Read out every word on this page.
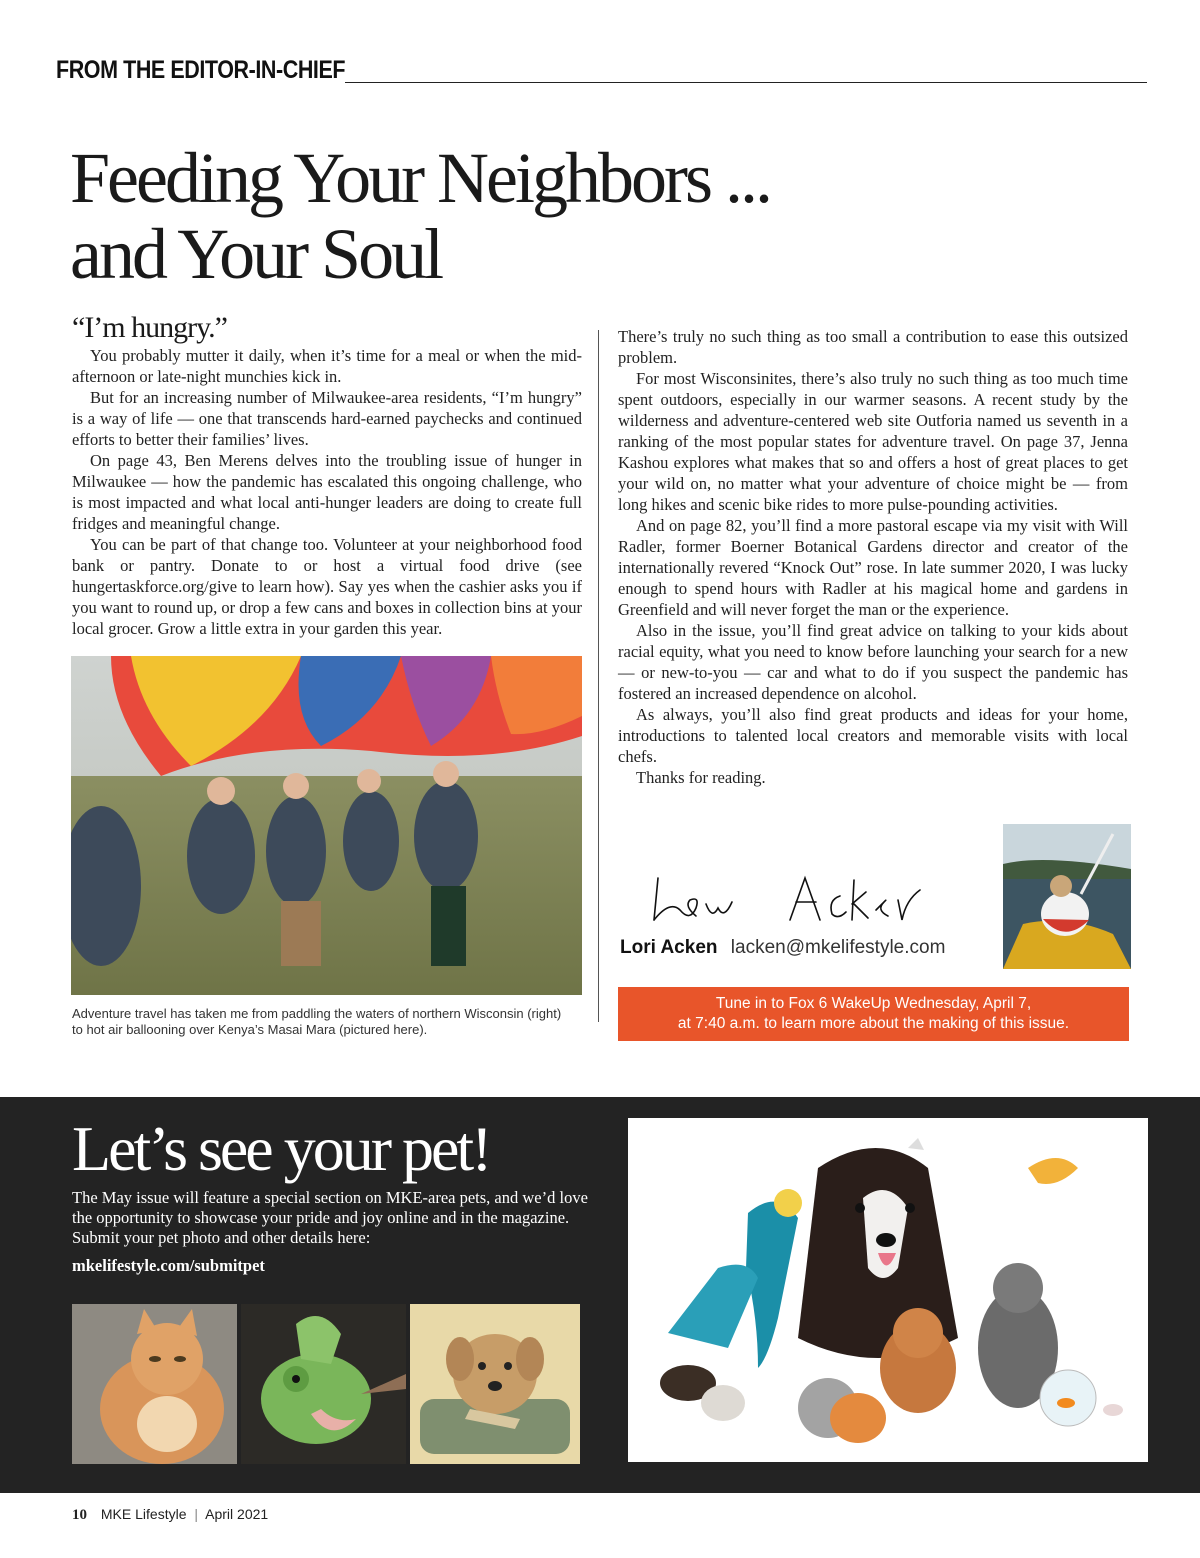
FROM THE EDITOR-IN-CHIEF
Feeding Your Neighbors ...
and Your Soul
“I’m hungry.”

You probably mutter it daily, when it’s time for a meal or when the mid-afternoon or late-night munchies kick in.

But for an increasing number of Milwaukee-area residents, “I’m hungry” is a way of life — one that transcends hard-earned paychecks and continued efforts to better their families’ lives.

On page 43, Ben Merens delves into the troubling issue of hunger in Milwaukee — how the pandemic has escalated this ongoing challenge, who is most impacted and what local anti-hunger leaders are doing to create full fridges and meaningful change.

You can be part of that change too. Volunteer at your neighborhood food bank or pantry. Donate to or host a virtual food drive (see hungertaskforce.org/give to learn how). Say yes when the cashier asks you if you want to round up, or drop a few cans and boxes in collection bins at your local grocer. Grow a little extra in your garden this year.

There’s truly no such thing as too small a contribution to ease this outsized problem.

For most Wisconsinites, there’s also truly no such thing as too much time spent outdoors, especially in our warmer seasons. A recent study by the wilderness and adventure-centered web site Outforia named us seventh in a ranking of the most popular states for adventure travel. On page 37, Jenna Kashou explores what makes that so and offers a host of great places to get your wild on, no matter what your adventure of choice might be — from long hikes and scenic bike rides to more pulse-pounding activities.

And on page 82, you’ll find a more pastoral escape via my visit with Will Radler, former Boerner Botanical Gardens director and creator of the internationally revered “Knock Out” rose. In late summer 2020, I was lucky enough to spend hours with Radler at his magical home and gardens in Greenfield and will never forget the man or the experience.

Also in the issue, you’ll find great advice on talking to your kids about racial equity, what you need to know before launching your search for a new — or new-to-you — car and what to do if you suspect the pandemic has fostered an increased dependence on alcohol.

As always, you’ll also find great products and ideas for your home, introductions to talented local creators and memorable visits with local chefs.

Thanks for reading.

Adventure travel has taken me from paddling the waters of northern Wisconsin (right) to hot air ballooning over Kenya’s Masai Mara (pictured here).
Lori Acken lacken@mkelifestyle.com
Tune in to Fox 6 WakeUp Wednesday, April 7,
at 7:40 a.m. to learn more about the making of this issue.
Let’s see your pet!
The May issue will feature a special section on MKE-area pets, and we’d love the opportunity to showcase your pride and joy online and in the magazine. Submit your pet photo and other details here:
mkelifestyle.com/submitpet
10 MKE Lifestyle | April 2021
